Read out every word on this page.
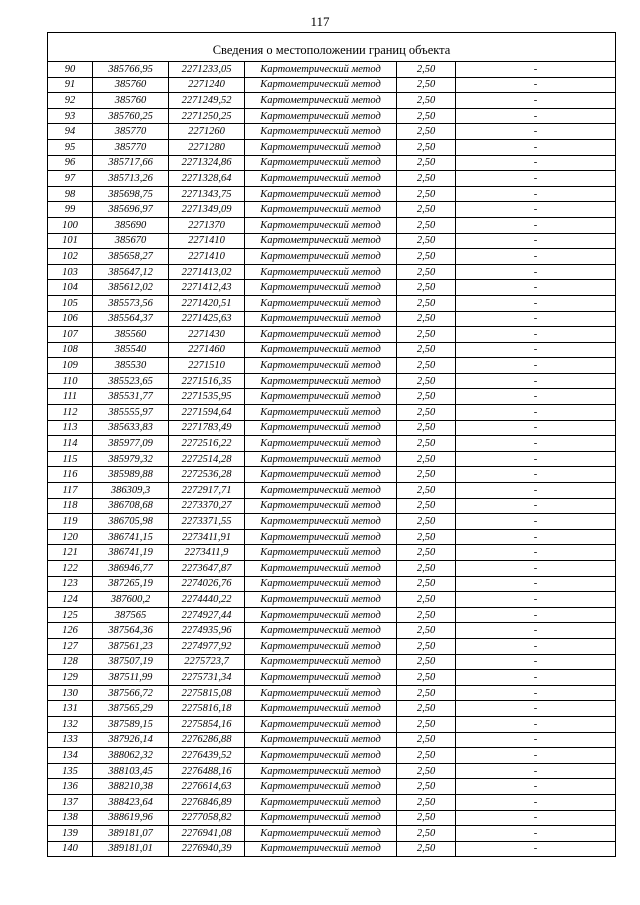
117
Сведения о местоположении границ объекта					

90	385766,95	2271233,05	Картометрический метод	2,50	-
91	385760	2271240	Картометрический метод	2,50	-
92	385760	2271249,52	Картометрический метод	2,50	-
93	385760,25	2271250,25	Картометрический метод	2,50	-
94	385770	2271260	Картометрический метод	2,50	-
95	385770	2271280	Картометрический метод	2,50	-
96	385717,66	2271324,86	Картометрический метод	2,50	-
97	385713,26	2271328,64	Картометрический метод	2,50	-
98	385698,75	2271343,75	Картометрический метод	2,50	-
99	385696,97	2271349,09	Картометрический метод	2,50	-
100	385690	2271370	Картометрический метод	2,50	-
101	385670	2271410	Картометрический метод	2,50	-
102	385658,27	2271410	Картометрический метод	2,50	-
103	385647,12	2271413,02	Картометрический метод	2,50	-
104	385612,02	2271412,43	Картометрический метод	2,50	-
105	385573,56	2271420,51	Картометрический метод	2,50	-
106	385564,37	2271425,63	Картометрический метод	2,50	-
107	385560	2271430	Картометрический метод	2,50	-
108	385540	2271460	Картометрический метод	2,50	-
109	385530	2271510	Картометрический метод	2,50	-
110	385523,65	2271516,35	Картометрический метод	2,50	-
111	385531,77	2271535,95	Картометрический метод	2,50	-
112	385555,97	2271594,64	Картометрический метод	2,50	-
113	385633,83	2271783,49	Картометрический метод	2,50	-
114	385977,09	2272516,22	Картометрический метод	2,50	-
115	385979,32	2272514,28	Картометрический метод	2,50	-
116	385989,88	2272536,28	Картометрический метод	2,50	-
117	386309,3	2272917,71	Картометрический метод	2,50	-
118	386708,68	2273370,27	Картометрический метод	2,50	-
119	386705,98	2273371,55	Картометрический метод	2,50	-
120	386741,15	2273411,91	Картометрический метод	2,50	-
121	386741,19	2273411,9	Картометрический метод	2,50	-
122	386946,77	2273647,87	Картометрический метод	2,50	-
123	387265,19	2274026,76	Картометрический метод	2,50	-
124	387600,2	2274440,22	Картометрический метод	2,50	-
125	387565	2274927,44	Картометрический метод	2,50	-
126	387564,36	2274935,96	Картометрический метод	2,50	-
127	387561,23	2274977,92	Картометрический метод	2,50	-
128	387507,19	2275723,7	Картометрический метод	2,50	-
129	387511,99	2275731,34	Картометрический метод	2,50	-
130	387566,72	2275815,08	Картометрический метод	2,50	-
131	387565,29	2275816,18	Картометрический метод	2,50	-
132	387589,15	2275854,16	Картометрический метод	2,50	-
133	387926,14	2276286,88	Картометрический метод	2,50	-
134	388062,32	2276439,52	Картометрический метод	2,50	-
135	388103,45	2276488,16	Картометрический метод	2,50	-
136	388210,38	2276614,63	Картометрический метод	2,50	-
137	388423,64	2276846,89	Картометрический метод	2,50	-
138	388619,96	2277058,82	Картометрический метод	2,50	-
139	389181,07	2276941,08	Картометрический метод	2,50	-
140	389181,01	2276940,39	Картометрический метод	2,50	-
